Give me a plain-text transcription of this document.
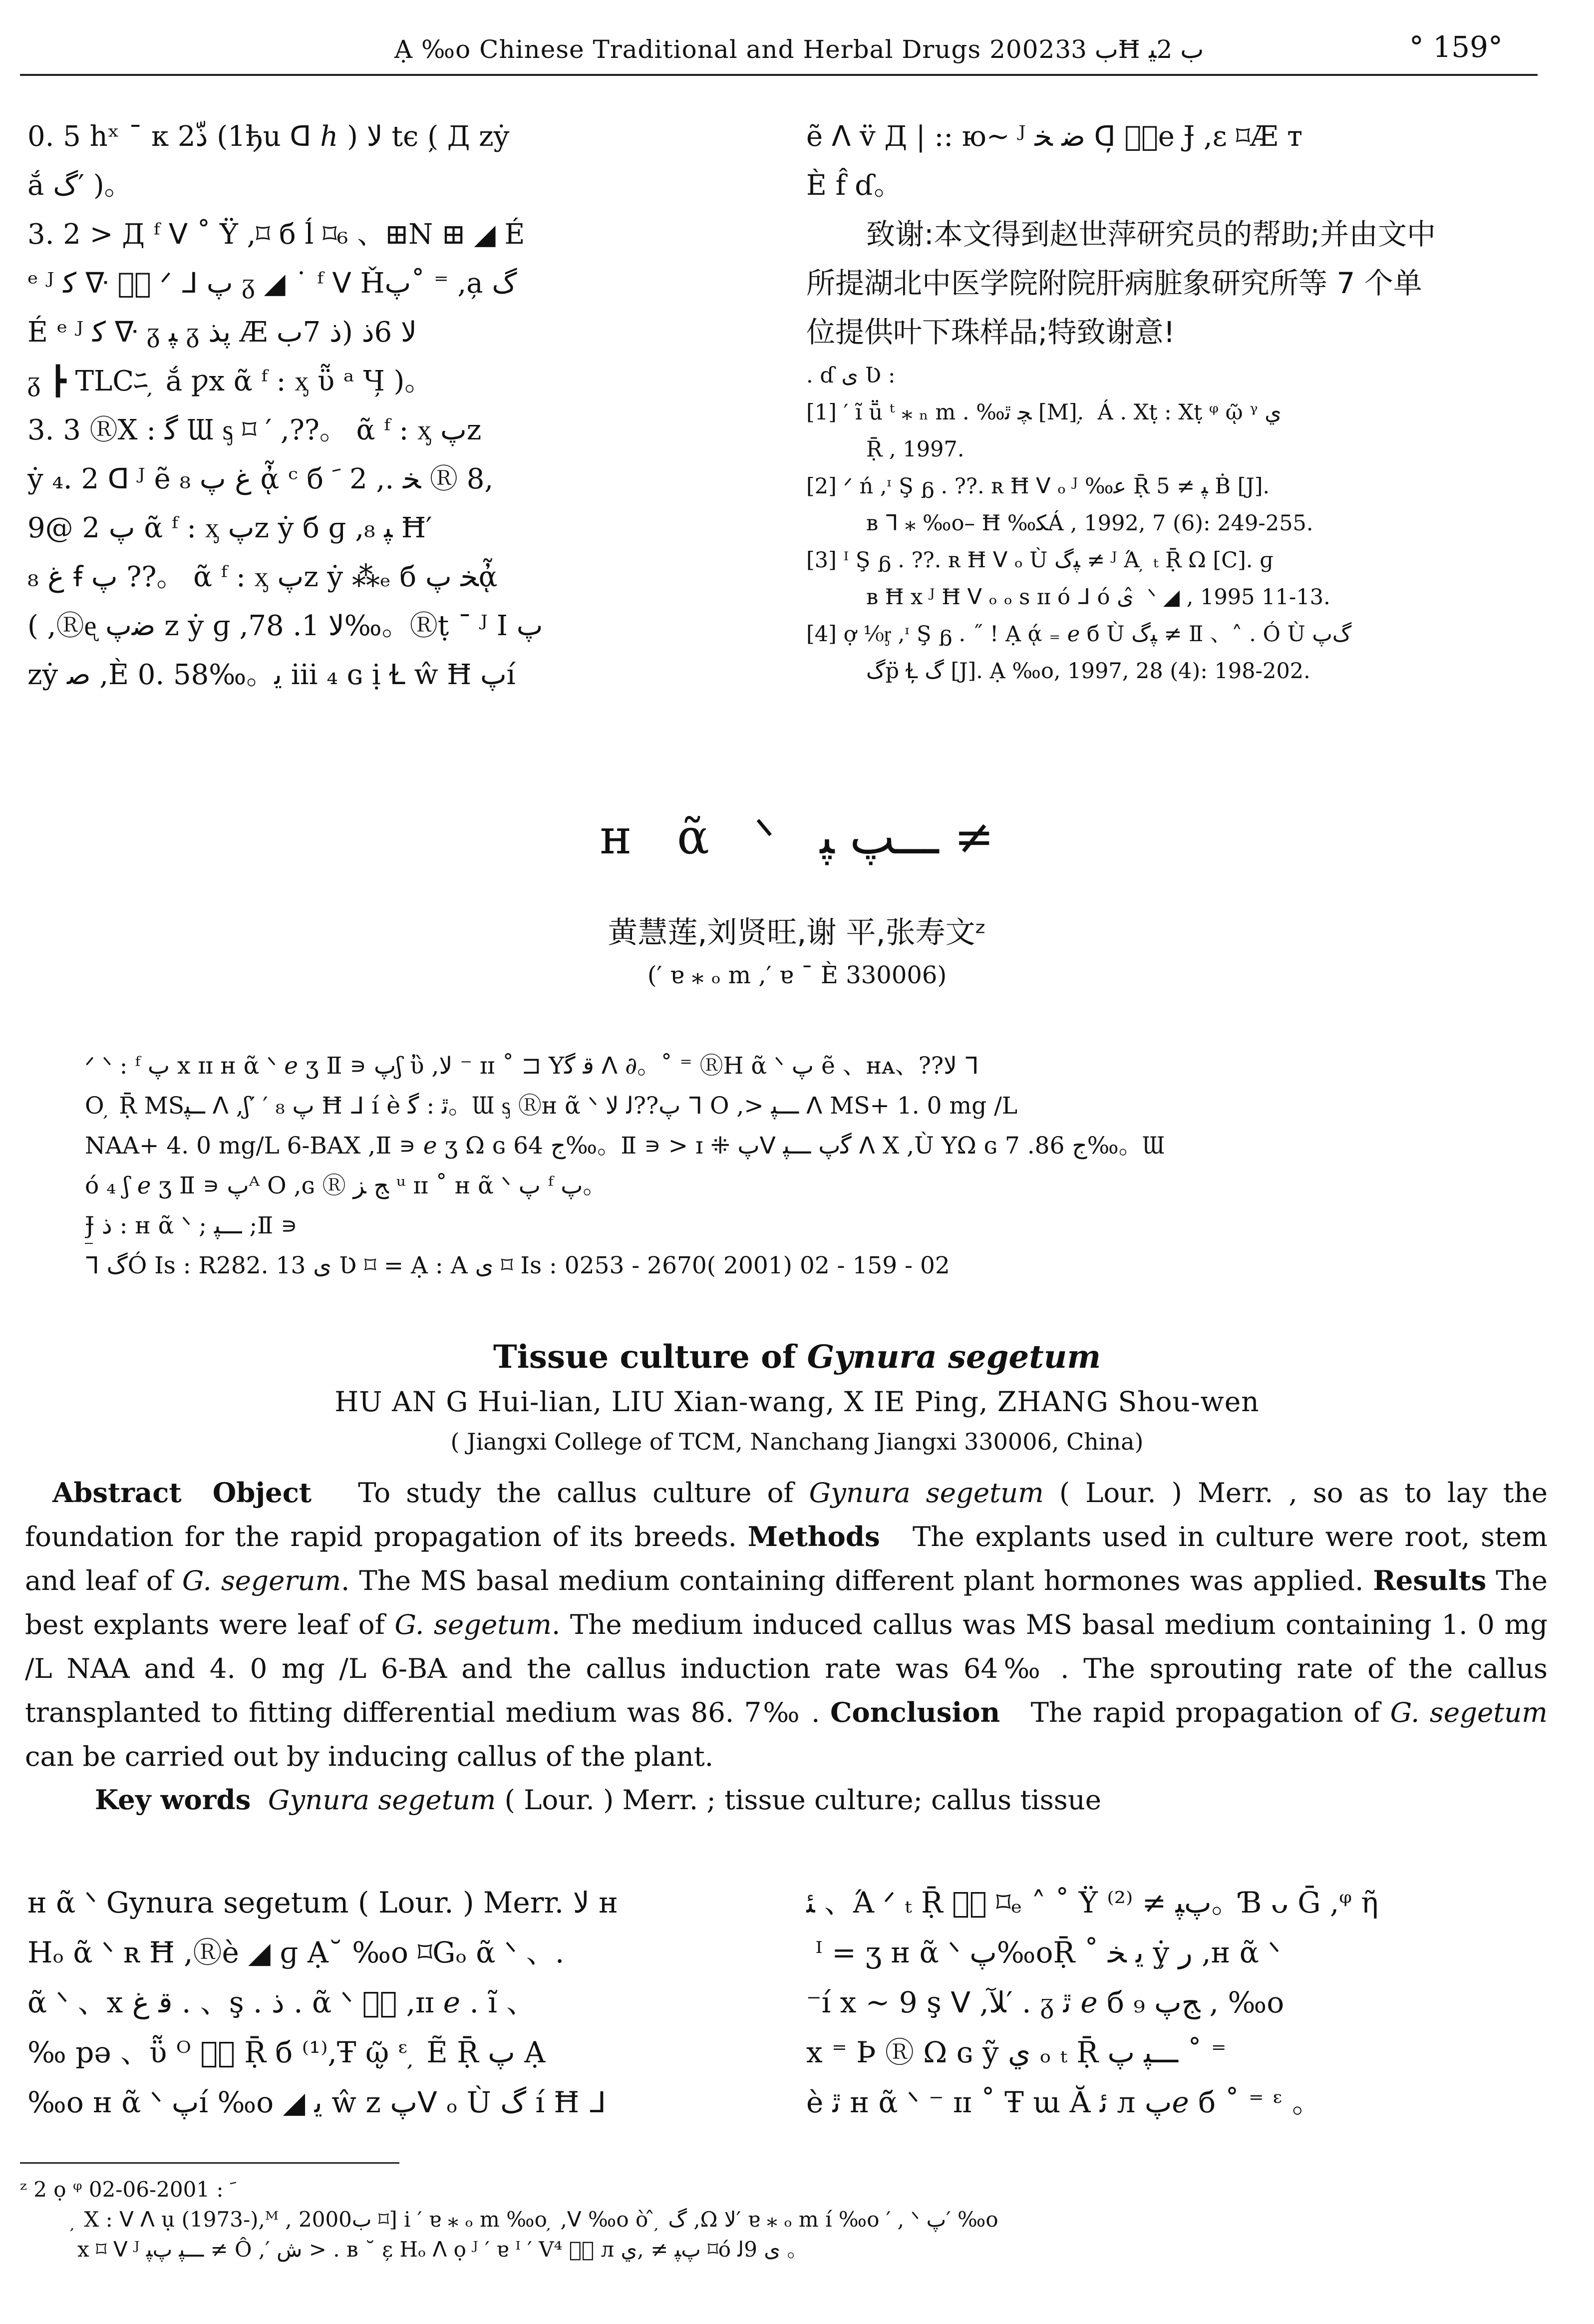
Ạ ‰o Chinese Traditional and Herbal Drugs 2002ب 33Ħ ب 2ﯿ	° 159°
0. 5 hˣ ¯ к 2ذّ (1ђu ᗡ ℎ ) ﻻ tє (̦ Д zẏ
ắ گ′ )。
3. 2 > Д ᶠ ᐯ ˚ Ÿ ,⌑ б ĺ ⌑₆ 、⊞N ⊞ ◢ É
ᵉ ᴶ ﮐ ᐍ پٟ ᐟ ᒧ پ ᵹ ◢ ˙ ᶠ ᐯ Ȟپ˚ ⁼ ,a̦ گ
É ᵉ ᴶ ﮐ ᐍ ᵹ ﭙ ᵹ پذ Æ ﻻ 6ذ (ذ 7ب
ᵹ ┣ TLCﾆ ̦ ắ ƿx ᾶ ᶠ : ᶍ ῧ ᵃ Ч̦ )。
3. 3 ⓇX : ﮔ Ɯ ᶊ ⌑ ′ ,??。 ᾶ ᶠ : ᶍ پz
ẏ ₄. 2 ᗡ ᴶ ẽ ﻍ پ ₈ ᾆ ᶜ б ﺨ ., 2 ﹶ Ⓡ 8,
9@ 2 پ ᾶ ᶠ : ᶍ پz ẏ б ɡ ,ﭙ ₈ Ħ′
₈ ﻍ ꞙ پ ??。 ᾶ ᶠ : ᶍ پz ẏ ⁂ₑ б ﺨ پᾆ
( ,Ⓡᶒ ﺿپ z ẏ ɡ ,ﻻ 1. 78‰。Ⓡṭ ¯ ᴶ I پ
zẏ ﺻ ,È 0. 58‰。ﯾ ⅲ ₄ ɢ ị Ɫ ŵ Ħ پí
ẽ ᐱ v̈ Д | :: ю~ ᴶ ﺿ ﺨ ᗡ̦ پٟe Ɉ ,ɛ ⌑Æ ᴛ
È f̂ ɗ。
致谢:本文得到赵世萍研究员的帮助;并由文中
所提湖北中医学院附院肝病脏象研究所等 7 个单
位提供叶下珠样品;特致谢意!
. ɗ ی Ʋ :
[1] ′ ĩ ṻ ᵗ ⁎ ₙ m . ‰ﭽ ﭤ [M]. ̦ Á . Xṭ : Xṭ ᵠ ῷ ᵞ ي
Ṝ , 1997.
[2] ᐟ ń ,ᶦ Ş ᵷ . ??. ʀ Ħ ᐯ ₒ ᴶ ‰ﻋ Ṝ ﭙ ≠ 5 Ḃ [J].
ʙ ᒣ ⁎ ‰o– Ħ ‰ﮑÁ , 1992, 7 (6): 249-255.
[3] ᴵ Ş ᵷ . ??. ʀ Ħ ᐯ ₒ Ù ﭙﮒ ≠ ᴶ Ά ̦ ₜ Ṝ Ω [C]. ɡ
ʙ Ħ x ᴶ Ħ ᐯ ₒ ₒ s ɪɪ ó ᒧ ó ی ̂ ᐠ ◢ , 1995 11-13.
[4] ợ ⅟₀ᶉ ,ᶦ Ş ᵷ . ˝ ! Ạ ᾴ ₌ ℯ б Ù ﭙﮒ ≠ Ⅱ 、˄ . Ó Ù ﮒپ
ﮒp̈ Ɫ̦ ﮒ [J]. Ạ ‰o, 1997, 28 (4): 198-202.
ʜ ᾶ ᐠ ـــپ ﭙ ≠
黄慧莲,刘贤旺,谢 平,张寿文ᶻ
(′ ɐ ⁎ ₒ m ,′ ɐ ¯ È 330006)
ᐟ ᐠ : ᶠ پ x ɪɪ ʜ ᾶ ᐠ ℯ ʒ Ⅱ ∍ پʃ ὒ ,ﻻ ⁻ ɪɪ ˚ ⊐ Yﻗ ﮔ ᐱ ∂。˚ ⁼ ⓇH ᾶ ᐠ پ ẽ 、ʜᴀ、??ﻻ ᒣ
O ̦ Ṝ MSــﭙ ᐱ ,ʃ′ ′ ₈ پ Ħ ᒧ í è ﭤ : ﮔ。Ɯ ᶊ Ⓡʜ ᾶ ᐠ پ??ﻟ ﻻ ᒣ O ,> ـــﭙ ᐱ MS+ 1. 0 mg /L
NAA+ 4. 0 mg/L 6-BAX ,Ⅱ ∍ ℯ ʒ Ω ɢ ج 64‰。Ⅱ ∍ > ɪ ⁜ پᐯ ﮔپ ـــﭙ ᐱ X ,Ù YΩ ɢ ج 86. 7‰。Ɯ
ó ₄ ʃ ℯ ʒ Ⅱ ∍ پᴬ Ο ,ɢ Ⓡ ﺞ ﺰ ᵘ ɪɪ ˚ ʜ ᾶ ᐠ پ ᶠ پ。
Ɉ̲ ﺫ : ʜ ᾶ ᐠ ; ـــﭙ ;Ⅱ ∍
ᒣ ﮒÓ Is : R282. 13 ی Ʋ ⌑ = Ạ : A ی ⌑ Is : 0253 - 2670( 2001) 02 - 159 - 02
Tissue culture of Gynura segetum
HU AN G Hui-lian, LIU Xian-wang, X IE Ping, ZHANG Shou-wen
( Jiangxi College of TCM, Nanchang Jiangxi 330006, China)
Abstract Object To study the callus culture of Gynura segetum ( Lour. ) Merr. , so as to lay the foundation for the rapid propagation of its breeds. Methods The explants used in culture were root, stem and leaf of G. segerum. The MS basal medium containing different plant hormones was applied. Results The best explants were leaf of G. segetum. The medium induced callus was MS basal medium containing 1. 0 mg /L NAA and 4. 0 mg /L 6-BA and the callus induction rate was 64‰ . The sprouting rate of the callus transplanted to fitting differential medium was 86. 7‰ . Conclusion The rapid propagation of G. segetum can be carried out by inducing callus of the plant.
Key words Gynura segetum ( Lour. ) Merr. ; tissue culture; callus tissue
ʜ ᾶ ᐠ Gynura segetum ( Lour. ) Merr. ﻻ ʜ
Hₒ ᾶ ᐠ ʀ Ħ ,Ⓡè ◢ ɡ Ạ˘ ‰o ⌑Gₒ ᾶ ᐠ 、.
ᾶ ᐠ 、x ﻗ ﻍ . 、ş . ﺫ . ᾶ ᐠ پٟ ,ɪɪ ℯ . ĩ 、
‰ pə 、ῧ ᴼ پٟ Ṝ б ⁽¹⁾,Ŧ ῷ̦ ᵋ ̦ Ẽ Ṝ پ Ạ
‰o ʜ ᾶ ᐠ پí ‰o ◢ ﯾ ŵ z پᐯ ₒ Ù ﮒ í Ħ ᒧ
ﺌ 、Ά ᐟ ₜ Ṝ پٟ ⌑ₑ ˄ ˚ Ÿ پﭙ ≠ ⁽²⁾。Ɓ ᴗ Ḡ ,ᵠ ῆ
̦ ᴵ = ʒ ʜ ᾶ ᐠ پ‰oṜ ˚ ﯾ ﺨ ẏ̦ ﺭ ,ʜ ᾶ ᐠ
⁻í x ~ 9 ş ᐯ ,ﻶ′ . ᵹ ﭤ ℯ б ﺞپ ₉ , ‰o
x ⁼ Þ Ⓡ Ω ɢ ỹ ي ₒ ₜ Ṝ ـــﭙ پ ˚ ⁼
è ﭤ ʜ ᾶ ᐠ ⁻ ɪɪ ˚ Ŧ ɯ Ă ﺋ л پℯ б ˚ ⁼ ᵋ 。
ᶻ 2 ọ ᵠ ﹶ : 2001-06-02
̦ X : ᐯ ᐱ ụ (1973-),ᴹ , 2000ب ⌑] i ′ ɐ ⁎ ₒ m ‰o ̦ ,ᐯ ‰o ò ̂ ̦ ﮒ ,Ω ﻻ′ ɐ ⁎ ₒ m í ‰o ′ , ᐠ ﭖ′ ‰o
x ⌑ ᐯ ᴶ ـــﭙ پﭙ ≠ Ô ,′ ﺵ > . ʙ ˘ ɛ̦ Hₒ ᐱ ọ ᴶ ′ ɐ ᴵ ′ V⁴ پٟ л پﭙ ≠ ,ي ⌑ó ی 9ﻟ 。
